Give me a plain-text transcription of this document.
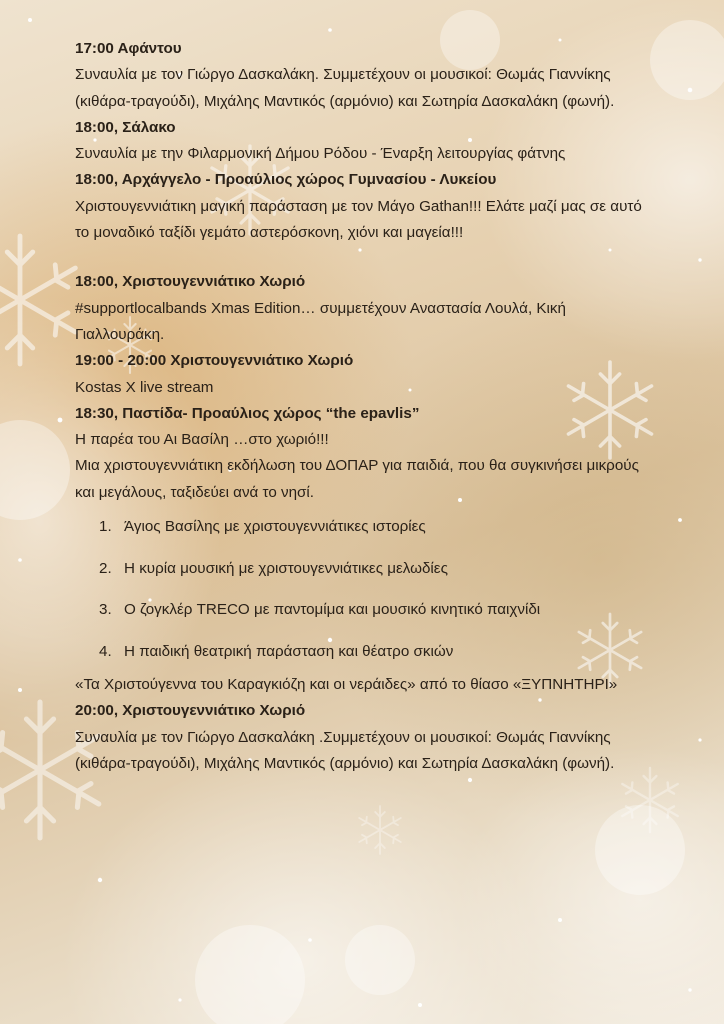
17:00 Αφάντου

Συναυλία με τον Γιώργο Δασκαλάκη. Συμμετέχουν οι μουσικοί: Θωμάς Γιαννίκης (κιθάρα-τραγούδι), Μιχάλης Μαντικός (αρμόνιο) και Σωτηρία Δασκαλάκη (φωνή).

18:00, Σάλακο

Συναυλία με την Φιλαρμονική Δήμου Ρόδου - Έναρξη λειτουργίας φάτνης

18:00, Αρχάγγελο - Προαύλιος χώρος Γυμνασίου - Λυκείου

Χριστουγεννιάτικη μαγική παράσταση με τον Μάγο Gathan!!! Ελάτε μαζί μας σε αυτό το μοναδικό ταξίδι γεμάτο αστερόσκονη, χιόνι και μαγεία!!!

18:00, Χριστουγεννιάτικο Χωριό

#supportlocalbands Xmas Edition… συμμετέχουν Αναστασία Λουλά, Κική Γιαλλουράκη.

19:00 - 20:00 Χριστουγεννιάτικο Χωριό

Kostas X live stream

18:30, Παστίδα- Προαύλιος χώρος “the epavlis”

Η παρέα του Αι Βασίλη …στο χωριό!!!

Μια χριστουγεννιάτικη εκδήλωση του ΔΟΠΑΡ για παιδιά, που θα συγκινήσει μικρούς και μεγάλους, ταξιδεύει ανά το νησί.

1. Άγιος Βασίλης με χριστουγεννιάτικες ιστορίες
2. Η κυρία μουσική με χριστουγεννιάτικες μελωδίες
3. Ο ζογκλέρ TRECO με παντομίμα και μουσικό κινητικό παιχνίδι
4. Η παιδική θεατρική παράσταση και θέατρο σκιών

«Τα Χριστούγεννα του Καραγκιόζη και οι νεράιδες» από το θίασο «ΞΥΠΝΗΤΗΡΙ»

20:00, Χριστουγεννιάτικο Χωριό

Συναυλία με τον Γιώργο Δασκαλάκη .Συμμετέχουν οι μουσικοί: Θωμάς Γιαννίκης (κιθάρα-τραγούδι), Μιχάλης Μαντικός (αρμόνιο) και Σωτηρία Δασκαλάκη (φωνή).
